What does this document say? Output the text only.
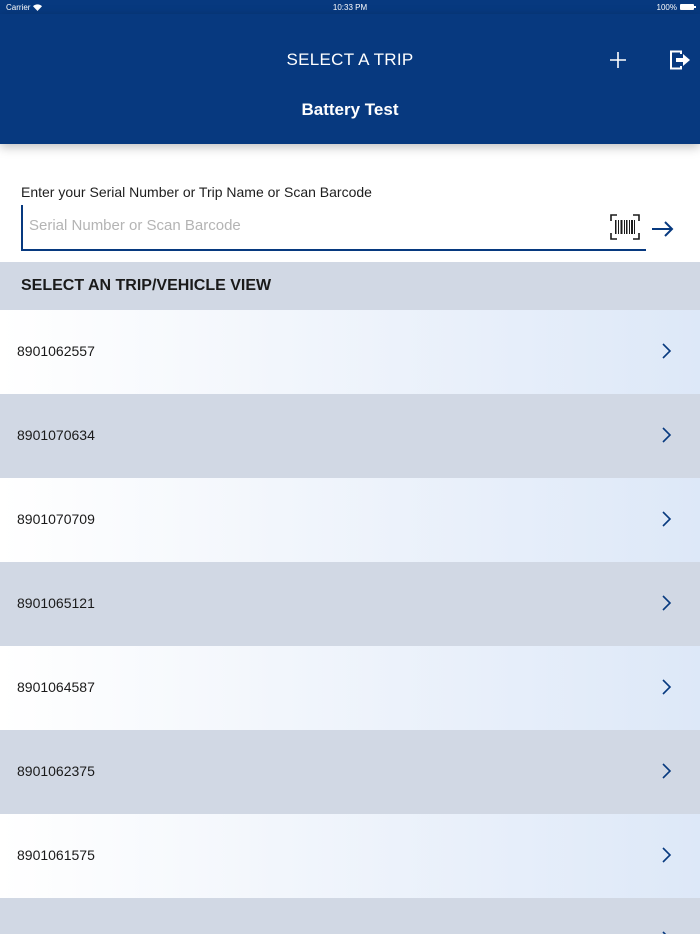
Carrier	10:33 PM	100%
SELECT A TRIP
Battery Test
Enter your Serial Number or Trip Name or Scan Barcode
Serial Number or Scan Barcode
SELECT AN TRIP/VEHICLE VIEW
8901062557
8901070634
8901070709
8901065121
8901064587
8901062375
8901061575
